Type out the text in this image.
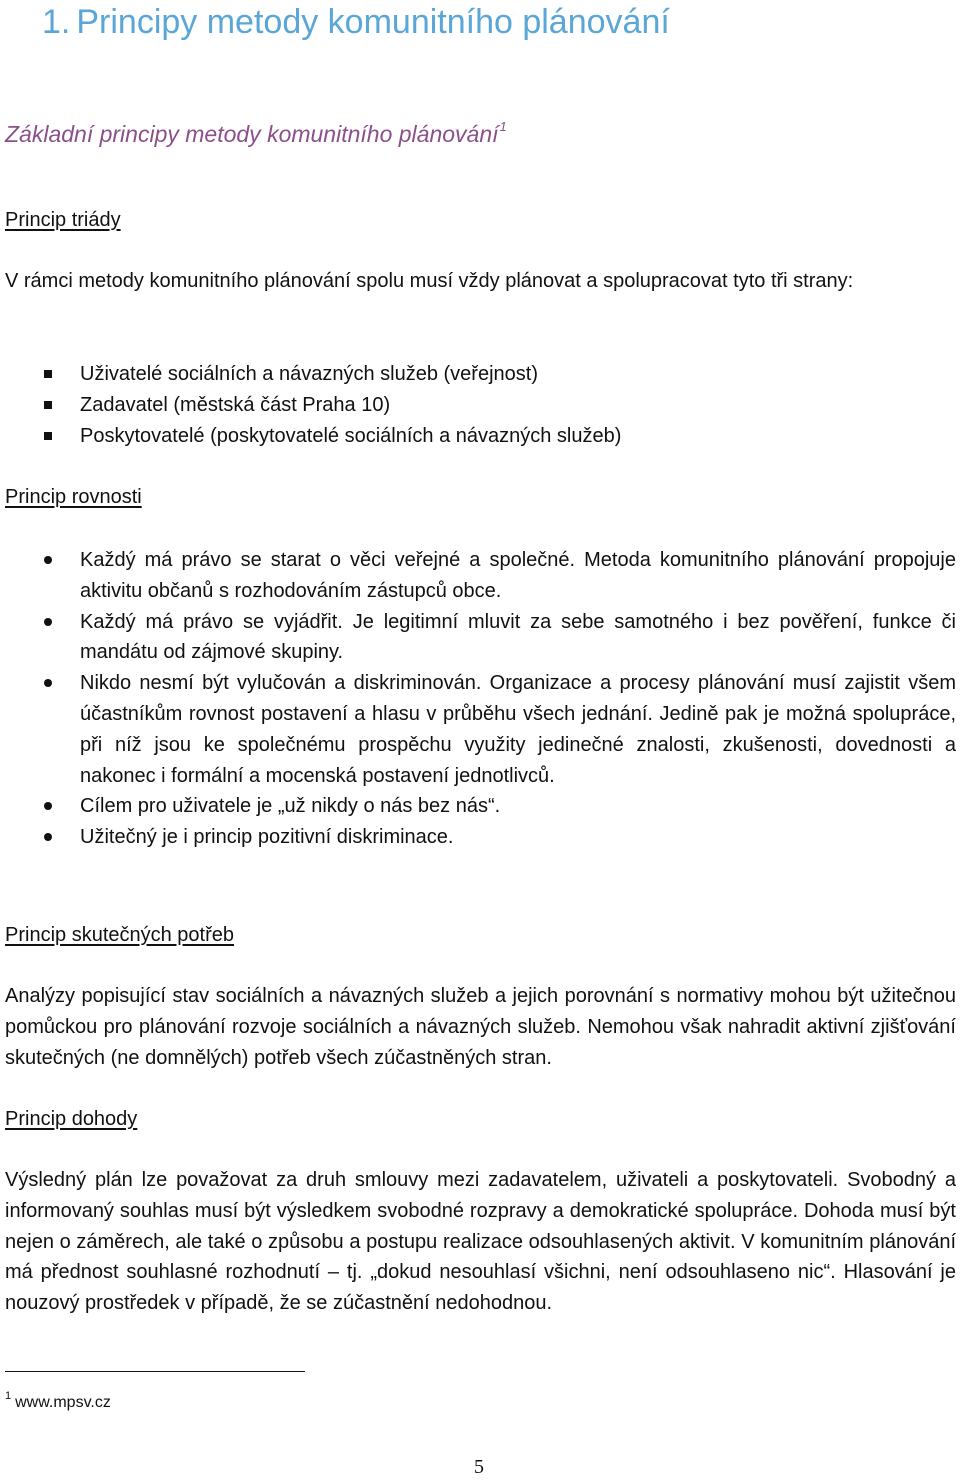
1. Principy metody komunitního plánování
Základní principy metody komunitního plánování$^1$
Princip triády
V rámci metody komunitního plánování spolu musí vždy plánovat a spolupracovat tyto tři strany:
Uživatelé sociálních a návazných služeb (veřejnost)
Zadavatel (městská část Praha 10)
Poskytovatelé (poskytovatelé sociálních a návazných služeb)
Princip rovnosti
Každý má právo se starat o věci veřejné a společné. Metoda komunitního plánování propojuje aktivitu občanů s rozhodováním zástupců obce.
Každý má právo se vyjádřit. Je legitimní mluvit za sebe samotného i bez pověření, funkce či mandátu od zájmové skupiny.
Nikdo nesmí být vylučován a diskriminován. Organizace a procesy plánování musí zajistit všem účastníkům rovnost postavení a hlasu v průběhu všech jednání. Jedině pak je možná spolupráce, při níž jsou ke společnému prospěchu využity jedinečné znalosti, zkušenosti, dovednosti a nakonec i formální a mocenská postavení jednotlivců.
Cílem pro uživatele je „už nikdy o nás bez nás“.
Užitečný je i princip pozitivní diskriminace.
Princip skutečných potřeb
Analýzy popisující stav sociálních a návazných služeb a jejich porovnání s normativy mohou být užitečnou pomůckou pro plánování rozvoje sociálních a návazných služeb. Nemohou však nahradit aktivní zjišťování skutečných (ne domnělých) potřeb všech zúčastněných stran.
Princip dohody
Výsledný plán lze považovat za druh smlouvy mezi zadavatelem, uživateli a poskytovateli. Svobodný a informovaný souhlas musí být výsledkem svobodné rozpravy a demokratické spolupráce. Dohoda musí být nejen o záměrech, ale také o způsobu a postupu realizace odsouhlasených aktivit. V komunitním plánování má přednost souhlasné rozhodnutí – tj. „dokud nesouhlasí všichni, není odsouhlaseno nic“. Hlasování je nouzový prostředek v případě, že se zúčastnění nedohodnou.
$^1$ www.mpsv.cz
5
